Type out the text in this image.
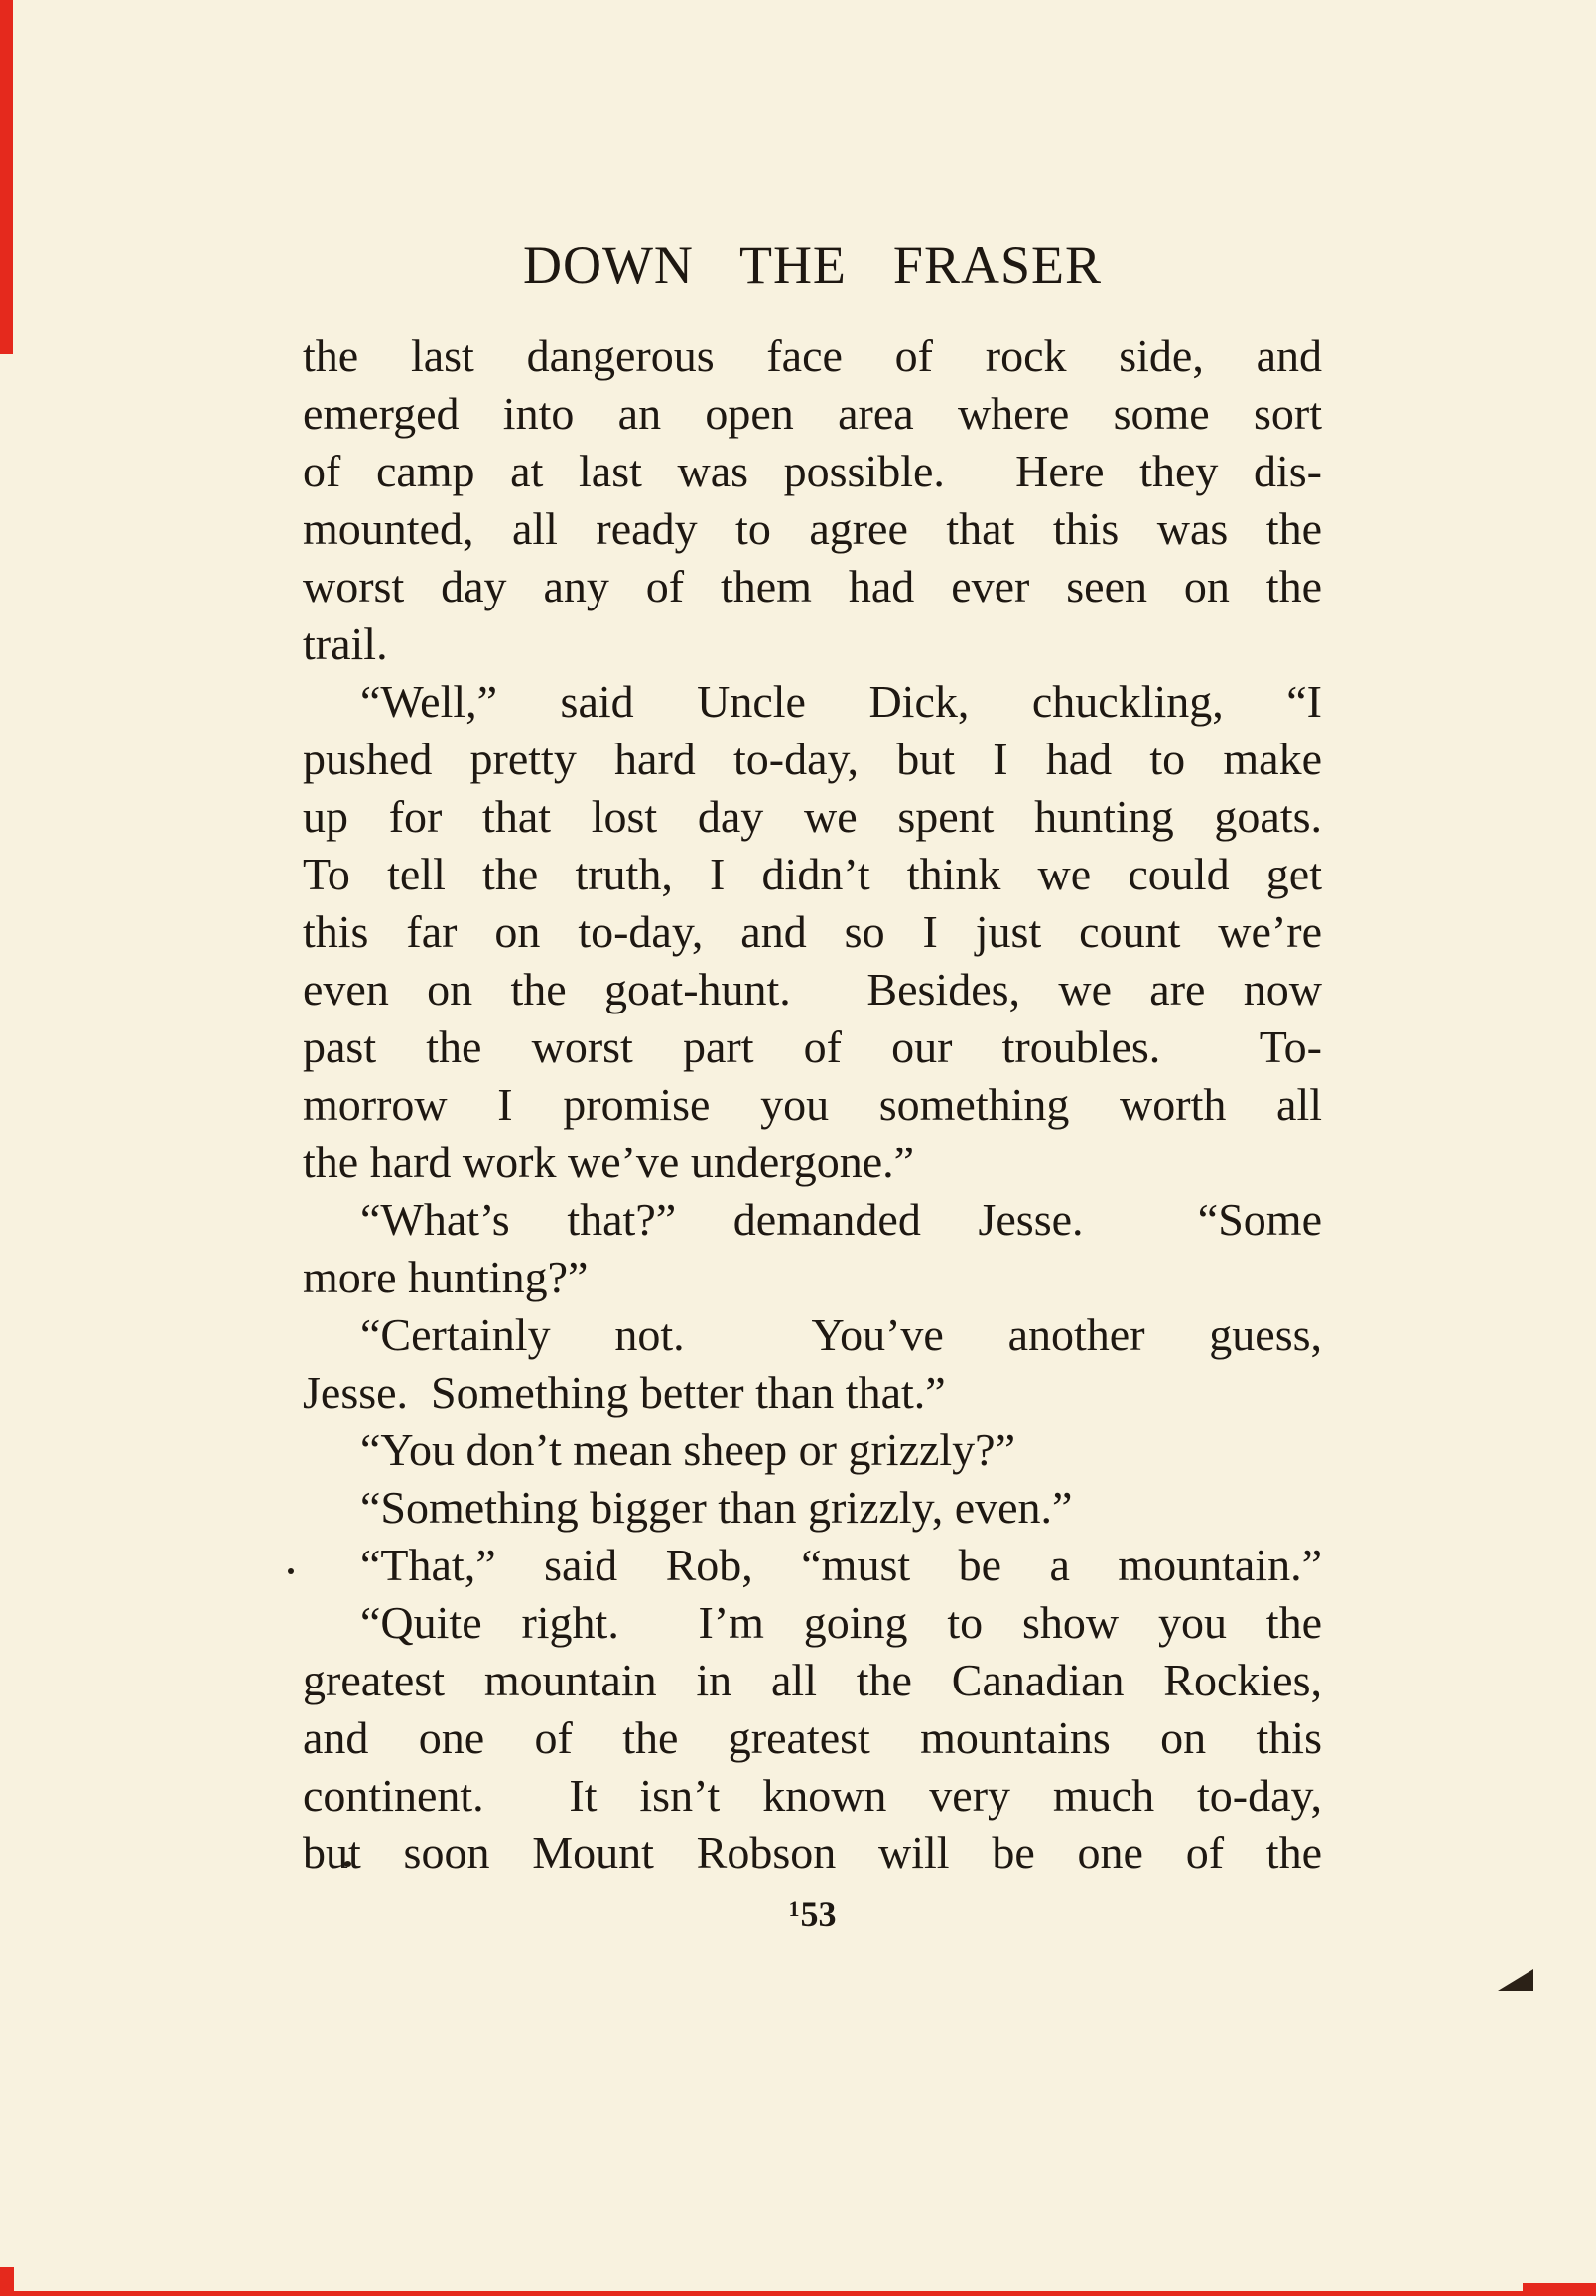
DOWN  THE  FRASER
the last dangerous face of rock side, and
emerged into an open area where some sort
of camp at last was possible.  Here they dis-
mounted, all ready to agree that this was the
worst day any of them had ever seen on the
trail.
“Well,” said Uncle Dick, chuckling, “I
pushed pretty hard to-day, but I had to make
up for that lost day we spent hunting goats.
To tell the truth, I didn’t think we could get
this far on to-day, and so I just count we’re
even on the goat-hunt.  Besides, we are now
past the worst part of our troubles.  To-
morrow I promise you something worth all
the hard work we’ve undergone.”
“What’s that?” demanded Jesse.  “Some
more hunting?”
“Certainly not.  You’ve another guess,
Jesse.  Something better than that.”
“You don’t mean sheep or grizzly?”
“Something bigger than grizzly, even.”
“That,” said Rob, “must be a mountain.”
“Quite right.  I’m going to show you the
greatest mountain in all the Canadian Rockies,
and one of the greatest mountains on this
continent.  It isn’t known very much to-day,
but soon Mount Robson will be one of the
$^1$53
